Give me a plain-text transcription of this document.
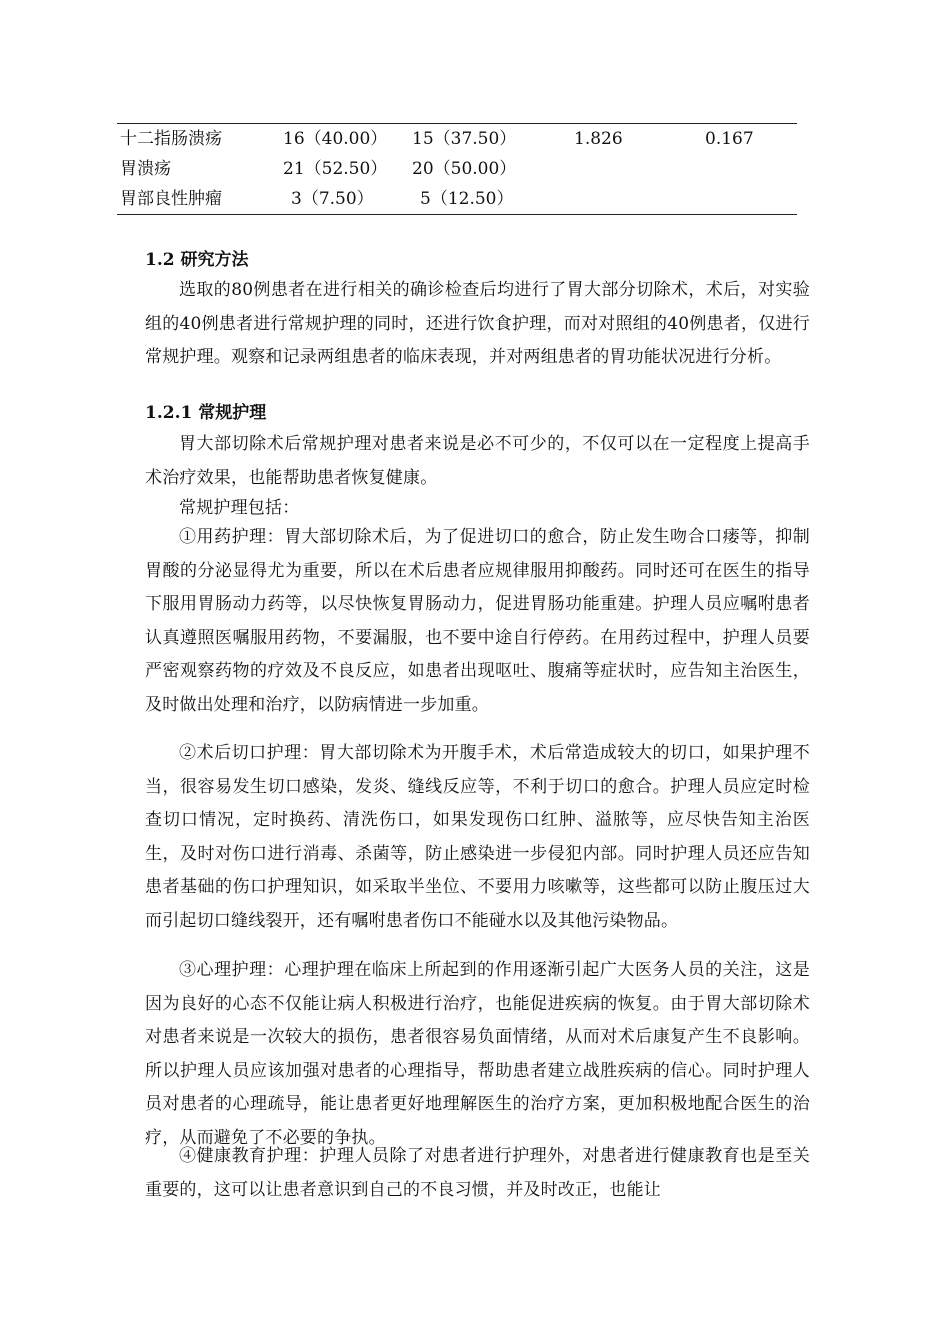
十二指肠溃疡	16（40.00） 15（37.50）	1.826	0.167
胃溃疡	21（52.50） 20（50.00）
胃部良性肿瘤	3（7.50）	5（12.50）
1.2 研究方法
选取的80例患者在进行相关的确诊检查后均进行了胃大部分切除术，术后，对实验组的40例患者进行常规护理的同时，还进行饮食护理，而对对照组的40例患者，仅进行常规护理。观察和记录两组患者的临床表现，并对两组患者的胃功能状况进行分析。
1.2.1 常规护理
胃大部切除术后常规护理对患者来说是必不可少的，不仅可以在一定程度上提高手术治疗效果，也能帮助患者恢复健康。
常规护理包括：
①用药护理：胃大部切除术后，为了促进切口的愈合，防止发生吻合口瘘等，抑制胃酸的分泌显得尤为重要，所以在术后患者应规律服用抑酸药。同时还可在医生的指导下服用胃肠动力药等，以尽快恢复胃肠动力，促进胃肠功能重建。护理人员应嘱咐患者认真遵照医嘱服用药物，不要漏服，也不要中途自行停药。在用药过程中，护理人员要严密观察药物的疗效及不良反应，如患者出现呕吐、腹痛等症状时，应告知主治医生，及时做出处理和治疗，以防病情进一步加重。
②术后切口护理：胃大部切除术为开腹手术，术后常造成较大的切口，如果护理不当，很容易发生切口感染，发炎、缝线反应等，不利于切口的愈合。护理人员应定时检查切口情况，定时换药、清洗伤口，如果发现伤口红肿、溢脓等，应尽快告知主治医生，及时对伤口进行消毒、杀菌等，防止感染进一步侵犯内部。同时护理人员还应告知患者基础的伤口护理知识，如采取半坐位、不要用力咳嗽等，这些都可以防止腹压过大而引起切口缝线裂开，还有嘱咐患者伤口不能碰水以及其他污染物品。
③心理护理：心理护理在临床上所起到的作用逐渐引起广大医务人员的关注，这是因为良好的心态不仅能让病人积极进行治疗，也能促进疾病的恢复。由于胃大部切除术对患者来说是一次较大的损伤，患者很容易负面情绪，从而对术后康复产生不良影响。所以护理人员应该加强对患者的心理指导，帮助患者建立战胜疾病的信心。同时护理人员对患者的心理疏导，能让患者更好地理解医生的治疗方案，更加积极地配合医生的治疗，从而避免了不必要的争执。
④健康教育护理：护理人员除了对患者进行护理外，对患者进行健康教育也是至关重要的，这可以让患者意识到自己的不良习惯，并及时改正，也能让
